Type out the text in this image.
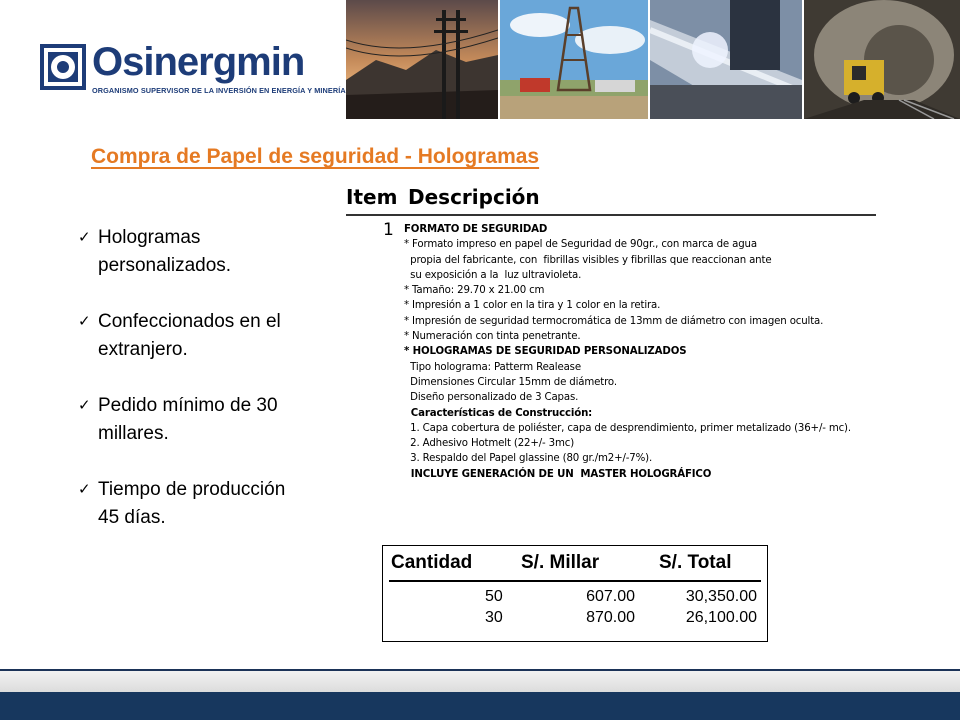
Osinergmin
ORGANISMO SUPERVISOR DE LA INVERSIÓN EN ENERGÍA Y MINERÍA
Compra de Papel de seguridad - Hologramas
✓ Hologramas personalizados.
✓ Confeccionados en el extranjero.
✓ Pedido mínimo de 30 millares.
✓ Tiempo de producción 45 días.
Item Descripción
1 FORMATO DE SEGURIDAD
* Formato impreso en papel de Seguridad de 90gr., con marca de agua
propia del fabricante, con  fibrillas visibles y fibrillas que reaccionan ante
su exposición a la  luz ultravioleta.
* Tamaño: 29.70 x 21.00 cm
* Impresión a 1 color en la tira y 1 color en la retira.
* Impresión de seguridad termocromática de 13mm de diámetro con imagen oculta.
* Numeración con tinta penetrante.
* HOLOGRAMAS DE SEGURIDAD PERSONALIZADOS
Tipo holograma: Patterm Realease
Dimensiones Circular 15mm de diámetro.
Diseño personalizado de 3 Capas.
Características de Construcción:
1. Capa cobertura de poliéster, capa de desprendimiento, primer metalizado (36+/- mc).
2. Adhesivo Hotmelt (22+/- 3mc)
3. Respaldo del Papel glassine (80 gr./m2+/-7%).
INCLUYE GENERACIÓN DE UN  MASTER HOLOGRÁFICO
Cantidad	S/. Millar	S/. Total
50	607.00	30,350.00
30	870.00	26,100.00
